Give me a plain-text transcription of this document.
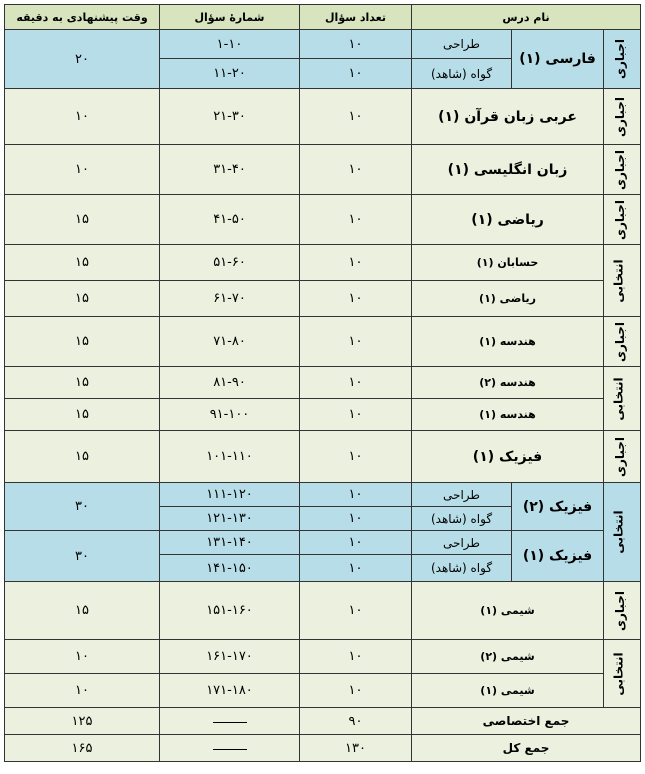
نام درس			تعداد سؤال	شمارهٔ سؤال	وقت پیشنهادی به دقیقه
اجباری	فارسی (۱)	طراحی	۱۰	۱-۱۰	۲۰
		گواه (شاهد)	۱۰	۱۱-۲۰	
اجباری	عربی زبان قرآن (۱)		۱۰	۲۱-۳۰	۱۰
اجباری	زبان انگلیسی (۱)		۱۰	۳۱-۴۰	۱۰
اجباری	ریاضی (۱)		۱۰	۴۱-۵۰	۱۵
انتخابی	حسابان (۱)		۱۰	۵۱-۶۰	۱۵
	ریاضی (۱)		۱۰	۶۱-۷۰	۱۵
اجباری	هندسه (۱)		۱۰	۷۱-۸۰	۱۵
انتخابی	هندسه (۲)		۱۰	۸۱-۹۰	۱۵
	هندسه (۱)		۱۰	۹۱-۱۰۰	۱۵
اجباری	فیزیک (۱)		۱۰	۱۰۱-۱۱۰	۱۵
انتخابی	فیزیک (۲)	طراحی	۱۰	۱۱۱-۱۲۰	۳۰
		گواه (شاهد)	۱۰	۱۲۱-۱۳۰	
	فیزیک (۱)	طراحی	۱۰	۱۳۱-۱۴۰	۳۰
		گواه (شاهد)	۱۰	۱۴۱-۱۵۰	
اجباری	شیمی (۱)		۱۰	۱۵۱-۱۶۰	۱۵
انتخابی	شیمی (۲)		۱۰	۱۶۱-۱۷۰	۱۰
	شیمی (۱)		۱۰	۱۷۱-۱۸۰	۱۰
جمع اختصاصی			۹۰		۱۲۵
جمع کل			۱۳۰		۱۶۵
